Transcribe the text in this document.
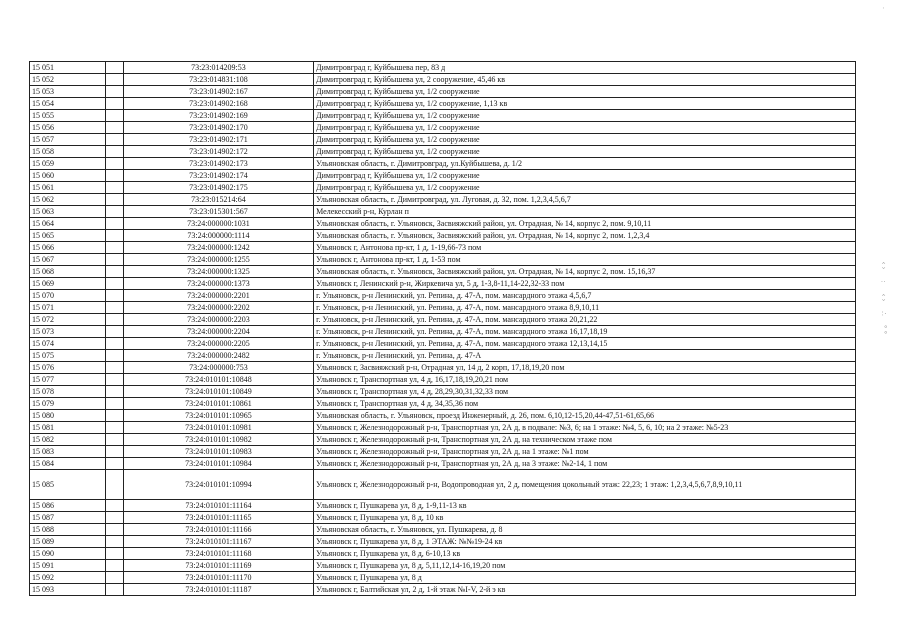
·
‹ ›
:
‹ ›
∴
° °
15 051		73:23:014209:53	Димитровград г, Куйбышева пер, 83 д
15 052		73:23:014831:108	Димитровград г, Куйбышева ул, 2 сооружение, 45,46 кв
15 053		73:23:014902:167	Димитровград г, Куйбышева ул, 1/2 сооружение
15 054		73:23:014902:168	Димитровград г, Куйбышева ул, 1/2 сооружение, 1,13 кв
15 055		73:23:014902:169	Димитровград г, Куйбышева ул, 1/2 сооружение
15 056		73:23:014902:170	Димитровград г, Куйбышева ул, 1/2 сооружение
15 057		73:23:014902:171	Димитровград г, Куйбышева ул, 1/2 сооружение
15 058		73:23:014902:172	Димитровград г, Куйбышева ул, 1/2 сооружение
15 059		73:23:014902:173	Ульяновская область, г. Димитровград, ул.Куйбышева, д. 1/2
15 060		73:23:014902:174	Димитровград г, Куйбышева ул, 1/2 сооружение
15 061		73:23:014902:175	Димитровград г, Куйбышева ул, 1/2 сооружение
15 062		73:23:015214:64	Ульяновская область, г. Димитровград, ул. Луговая, д. 32, пом. 1,2,3,4,5,6,7
15 063		73:23:015301:567	Мелекесский р-н, Курлан п
15 064		73:24:000000:1031	Ульяновская область, г. Ульяновск, Засвияжский район, ул. Отрадная, № 14, корпус 2, пом. 9,10,11
15 065		73:24:000000:1114	Ульяновская область, г. Ульяновск, Засвияжский район, ул. Отрадная, № 14, корпус 2, пом. 1,2,3,4
15 066		73:24:000000:1242	Ульяновск г, Антонова пр-кт, 1 д, 1-19,66-73 пом
15 067		73:24:000000:1255	Ульяновск г, Антонова пр-кт, 1 д, 1-53 пом
15 068		73:24:000000:1325	Ульяновская область, г. Ульяновск, Засвияжский район, ул. Отрадная, № 14, корпус 2, пом. 15,16,37
15 069		73:24:000000:1373	Ульяновск г, Ленинский р-н, Жиркевича ул, 5 д, 1-3,8-11,14-22,32-33 пом
15 070		73:24:000000:2201	г. Ульяновск, р-н Ленинский, ул. Репина, д. 47-А, пом. мансардного этажа 4,5,6,7
15 071		73:24:000000:2202	г. Ульяновск, р-н Ленинский, ул. Репина, д. 47-А, пом. мансардного этажа 8,9,10,11
15 072		73:24:000000:2203	г. Ульяновск, р-н Ленинский, ул. Репина, д. 47-А, пом. мансардного этажа 20,21,22
15 073		73:24:000000:2204	г. Ульяновск, р-н Ленинский, ул. Репина, д. 47-А, пом. мансардного этажа 16,17,18,19
15 074		73:24:000000:2205	г. Ульяновск, р-н Ленинский, ул. Репина, д. 47-А, пом. мансардного этажа 12,13,14,15
15 075		73:24:000000:2482	г. Ульяновск, р-н Ленинский, ул. Репина, д. 47-А
15 076		73:24:000000:753	Ульяновск г, Засвияжский р-н, Отрадная ул, 14 д, 2 корп, 17,18,19,20 пом
15 077		73:24:010101:10848	Ульяновск г, Транспортная ул, 4 д, 16,17,18,19,20,21 пом
15 078		73:24:010101:10849	Ульяновск г, Транспортная ул, 4 д, 28,29,30,31,32,33 пом
15 079		73:24:010101:10861	Ульяновск г, Транспортная ул, 4 д, 34,35,36 пом
15 080		73:24:010101:10965	Ульяновская область, г. Ульяновск, проезд Инженерный, д. 26, пом. 6,10,12-15,20,44-47,51-61,65,66
15 081		73:24:010101:10981	Ульяновск г, Железнодорожный р-н, Транспортная ул, 2А д, в подвале: №3, 6; на 1 этаже: №4, 5, 6, 10; на 2 этаже: №5-23
15 082		73:24:010101:10982	Ульяновск г, Железнодорожный р-н, Транспортная ул, 2А д, на техническом этаже пом
15 083		73:24:010101:10983	Ульяновск г, Железнодорожный р-н, Транспортная ул, 2А д, на 1 этаже: №1 пом
15 084		73:24:010101:10984	Ульяновск г, Железнодорожный р-н, Транспортная ул, 2А д, на 3 этаже: №2-14, 1 пом
15 085		73:24:010101:10994	Ульяновск г, Железнодорожный р-н, Водопроводная ул, 2 д, помещения цокольный этаж: 22,23; 1 этаж: 1,2,3,4,5,6,7,8,9,10,11
15 086		73:24:010101:11164	Ульяновск г, Пушкарева ул, 8 д, 1-9,11-13 кв
15 087		73:24:010101:11165	Ульяновск г, Пушкарева ул, 8 д, 10 кв
15 088		73:24:010101:11166	Ульяновская область, г. Ульяновск, ул. Пушкарева, д. 8
15 089		73:24:010101:11167	Ульяновск г, Пушкарева ул, 8 д, 1 ЭТАЖ: №№19-24 кв
15 090		73:24:010101:11168	Ульяновск г, Пушкарева ул, 8 д, 6-10,13 кв
15 091		73:24:010101:11169	Ульяновск г, Пушкарева ул, 8 д, 5,11,12,14-16,19,20 пом
15 092		73:24:010101:11170	Ульяновск г, Пушкарева ул, 8 д
15 093		73:24:010101:11187	Ульяновск г, Балтийская ул, 2 д, 1-й этаж №I-V, 2-й э кв
